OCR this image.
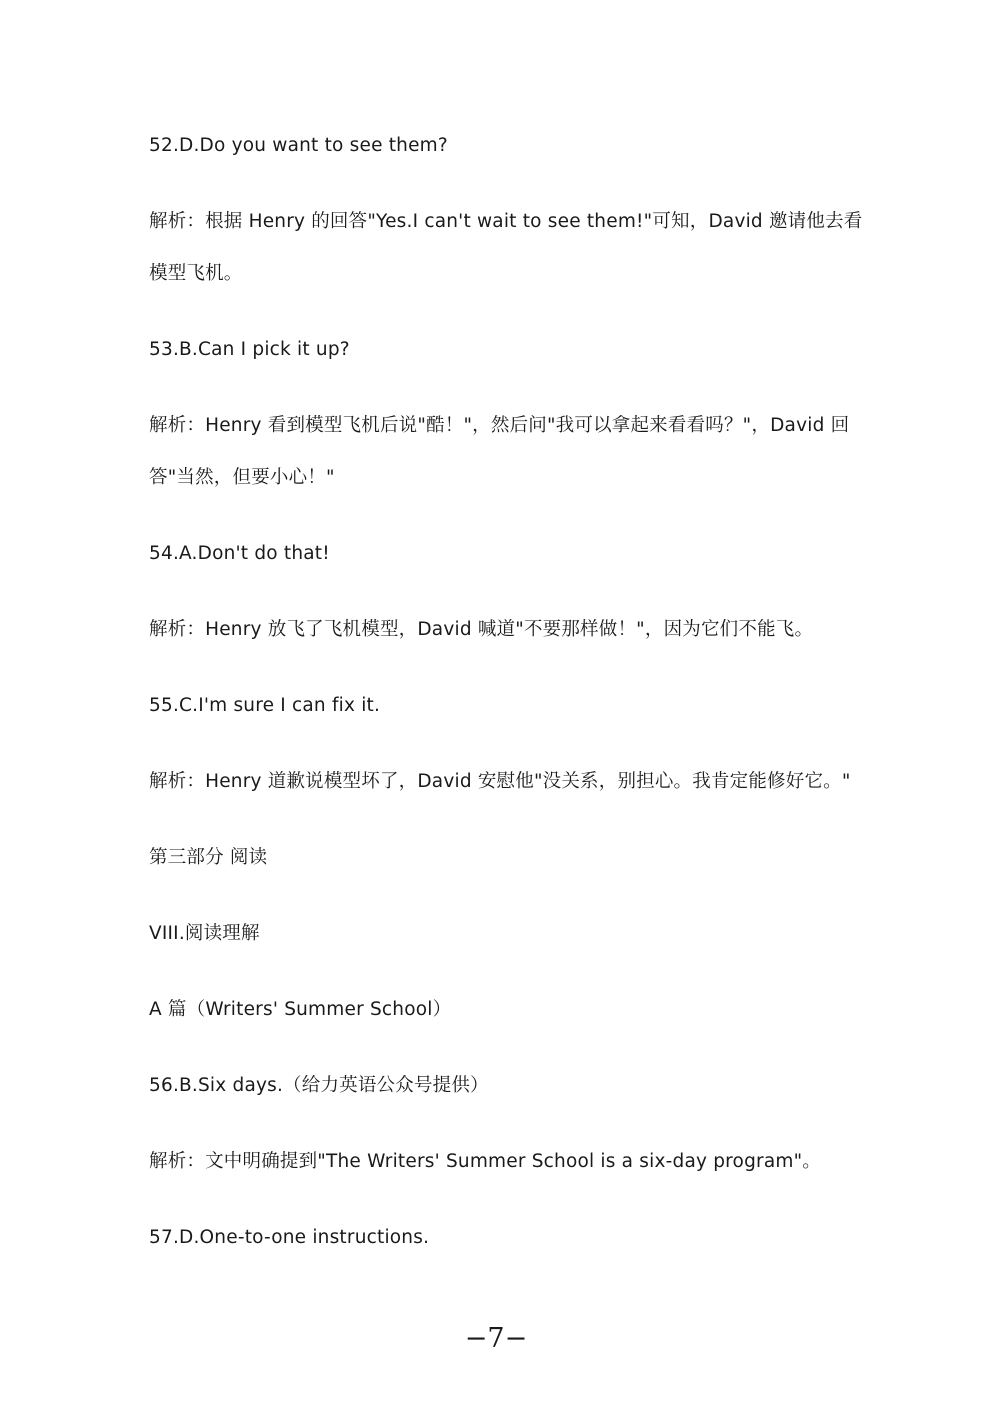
52.D.Do you want to see them?
解析：根据 Henry 的回答"Yes.I can't wait to see them!"可知，David 邀请他去看
模型飞机。
53.B.Can I pick it up?
解析：Henry 看到模型飞机后说"酷！"，然后问"我可以拿起来看看吗？"，David 回
答"当然，但要小心！"
54.A.Don't do that!
解析：Henry 放飞了飞机模型，David 喊道"不要那样做！"，因为它们不能飞。
55.C.I'm sure I can fix it.
解析：Henry 道歉说模型坏了，David 安慰他"没关系，别担心。我肯定能修好它。"
第三部分 阅读
VIII.阅读理解
A 篇（Writers' Summer School）
56.B.Six days.（给力英语公众号提供）
解析：文中明确提到"The Writers' Summer School is a six-day program"。
57.D.One-to-one instructions.
−7−
